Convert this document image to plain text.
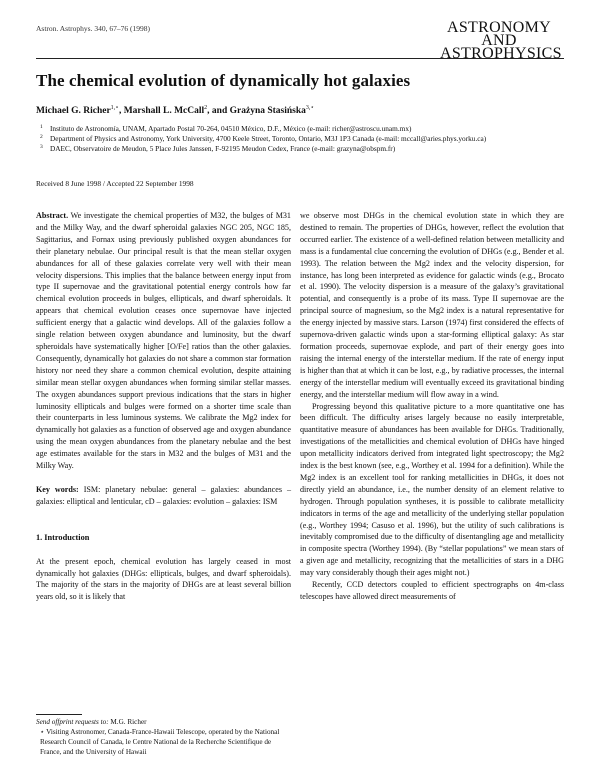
Astron. Astrophys. 340, 67–76 (1998)	ASTRONOMY
AND
ASTROPHYSICS
The chemical evolution of dynamically hot galaxies
Michael G. Richer$^{1,⋆}$, Marshall L. McCall$^2$, and Grażyna Stasińska$^{3,⋆}$
1 Instituto de Astronomía, UNAM, Apartado Postal 70-264, 04510 México, D.F., México (e-mail: richer@astroscu.unam.mx)
2 Department of Physics and Astronomy, York University, 4700 Keele Street, Toronto, Ontario, M3J 1P3 Canada (e-mail: mccall@aries.phys.yorku.ca)
3 DAEC, Observatoire de Meudon, 5 Place Jules Janssen, F-92195 Meudon Cedex, France (e-mail: grazyna@obspm.fr)
Received 8 June 1998 / Accepted 22 September 1998

Abstract. We investigate the chemical properties of M32, the bulges of M31 and the Milky Way, and the dwarf spheroidal galaxies NGC 205, NGC 185, Sagittarius, and Fornax using previously published oxygen abundances for their planetary nebulae. Our principal result is that the mean stellar oxygen abundances for all of these galaxies correlate very well with their mean velocity dispersions. This implies that the balance between energy input from type II supernovae and the gravitational potential energy controls how far chemical evolution proceeds in bulges, ellipticals, and dwarf spheroidals. It appears that chemical evolution ceases once supernovae have injected sufficient energy that a galactic wind develops. All of the galaxies follow a single relation between oxygen abundance and luminosity, but the dwarf spheroidals have systematically higher [O/Fe] ratios than the other galaxies. Consequently, dynamically hot galaxies do not share a common star formation history nor need they share a common chemical evolution, despite attaining similar mean stellar oxygen abundances when forming similar stellar masses. The oxygen abundances support previous indications that the stars in higher luminosity ellipticals and bulges were formed on a shorter time scale than their counterparts in less luminous systems. We calibrate the Mg2 index for dynamically hot galaxies as a function of observed age and oxygen abundance using the mean oxygen abundances from the planetary nebulae and the best age estimates available for the stars in M32 and the bulges of M31 and the Milky Way.

Key words: ISM: planetary nebulae: general – galaxies: abundances – galaxies: elliptical and lenticular, cD – galaxies: evolution – galaxies: ISM

1. Introduction

At the present epoch, chemical evolution has largely ceased in most dynamically hot galaxies (DHGs: ellipticals, bulges, and dwarf spheroidals). The majority of the stars in the majority of DHGs are at least several billion years old, so it is likely that

Send offprint requests to: M.G. Richer
⋆ Visiting Astronomer, Canada-France-Hawaii Telescope, operated by the National Research Council of Canada, le Centre National de la Recherche Scientifique de France, and the University of Hawaii

we observe most DHGs in the chemical evolution state in which they are destined to remain. The properties of DHGs, however, reflect the evolution that occurred earlier. The existence of a well-defined relation between metallicity and mass is a fundamental clue concerning the evolution of DHGs (e.g., Bender et al. 1993). The relation between the Mg2 index and the velocity dispersion, for instance, has long been interpreted as evidence for galactic winds (e.g., Brocato et al. 1990). The velocity dispersion is a measure of the galaxy’s gravitational potential, and consequently is a probe of its mass. Type II supernovae are the principal source of magnesium, so the Mg2 index is a natural representative for the energy injected by massive stars. Larson (1974) first considered the effects of supernova-driven galactic winds upon a star-forming elliptical galaxy: As star formation proceeds, supernovae explode, and part of their energy goes into raising the internal energy of the interstellar medium. If the rate of energy input is higher than that at which it can be lost, e.g., by radiative processes, the internal energy of the interstellar medium will eventually exceed its gravitational binding energy, and the interstellar medium will flow away in a wind.

Progressing beyond this qualitative picture to a more quantitative one has been difficult. The difficulty arises largely because no easily interpretable, quantitative measure of abundances has been available for DHGs. Traditionally, investigations of the metallicities and chemical evolution of DHGs have hinged upon metallicity indicators derived from integrated light spectroscopy; the Mg2 index is the best known (see, e.g., Worthey et al. 1994 for a definition). While the Mg2 index is an excellent tool for ranking metallicities in DHGs, it does not directly yield an abundance, i.e., the number density of an element relative to hydrogen. Through population syntheses, it is possible to calibrate metallicity indicators in terms of the age and metallicity of the underlying stellar population (e.g., Worthey 1994; Casuso et al. 1996), but the utility of such calibrations is inevitably compromised due to the difficulty of disentangling age and metallicity in composite spectra (Worthey 1994). (By “stellar populations” we mean stars of a given age and metallicity, recognizing that the metallicities of stars in a DHG may vary considerably though their ages might not.)

Recently, CCD detectors coupled to efficient spectrographs on 4m-class telescopes have allowed direct measurements of
